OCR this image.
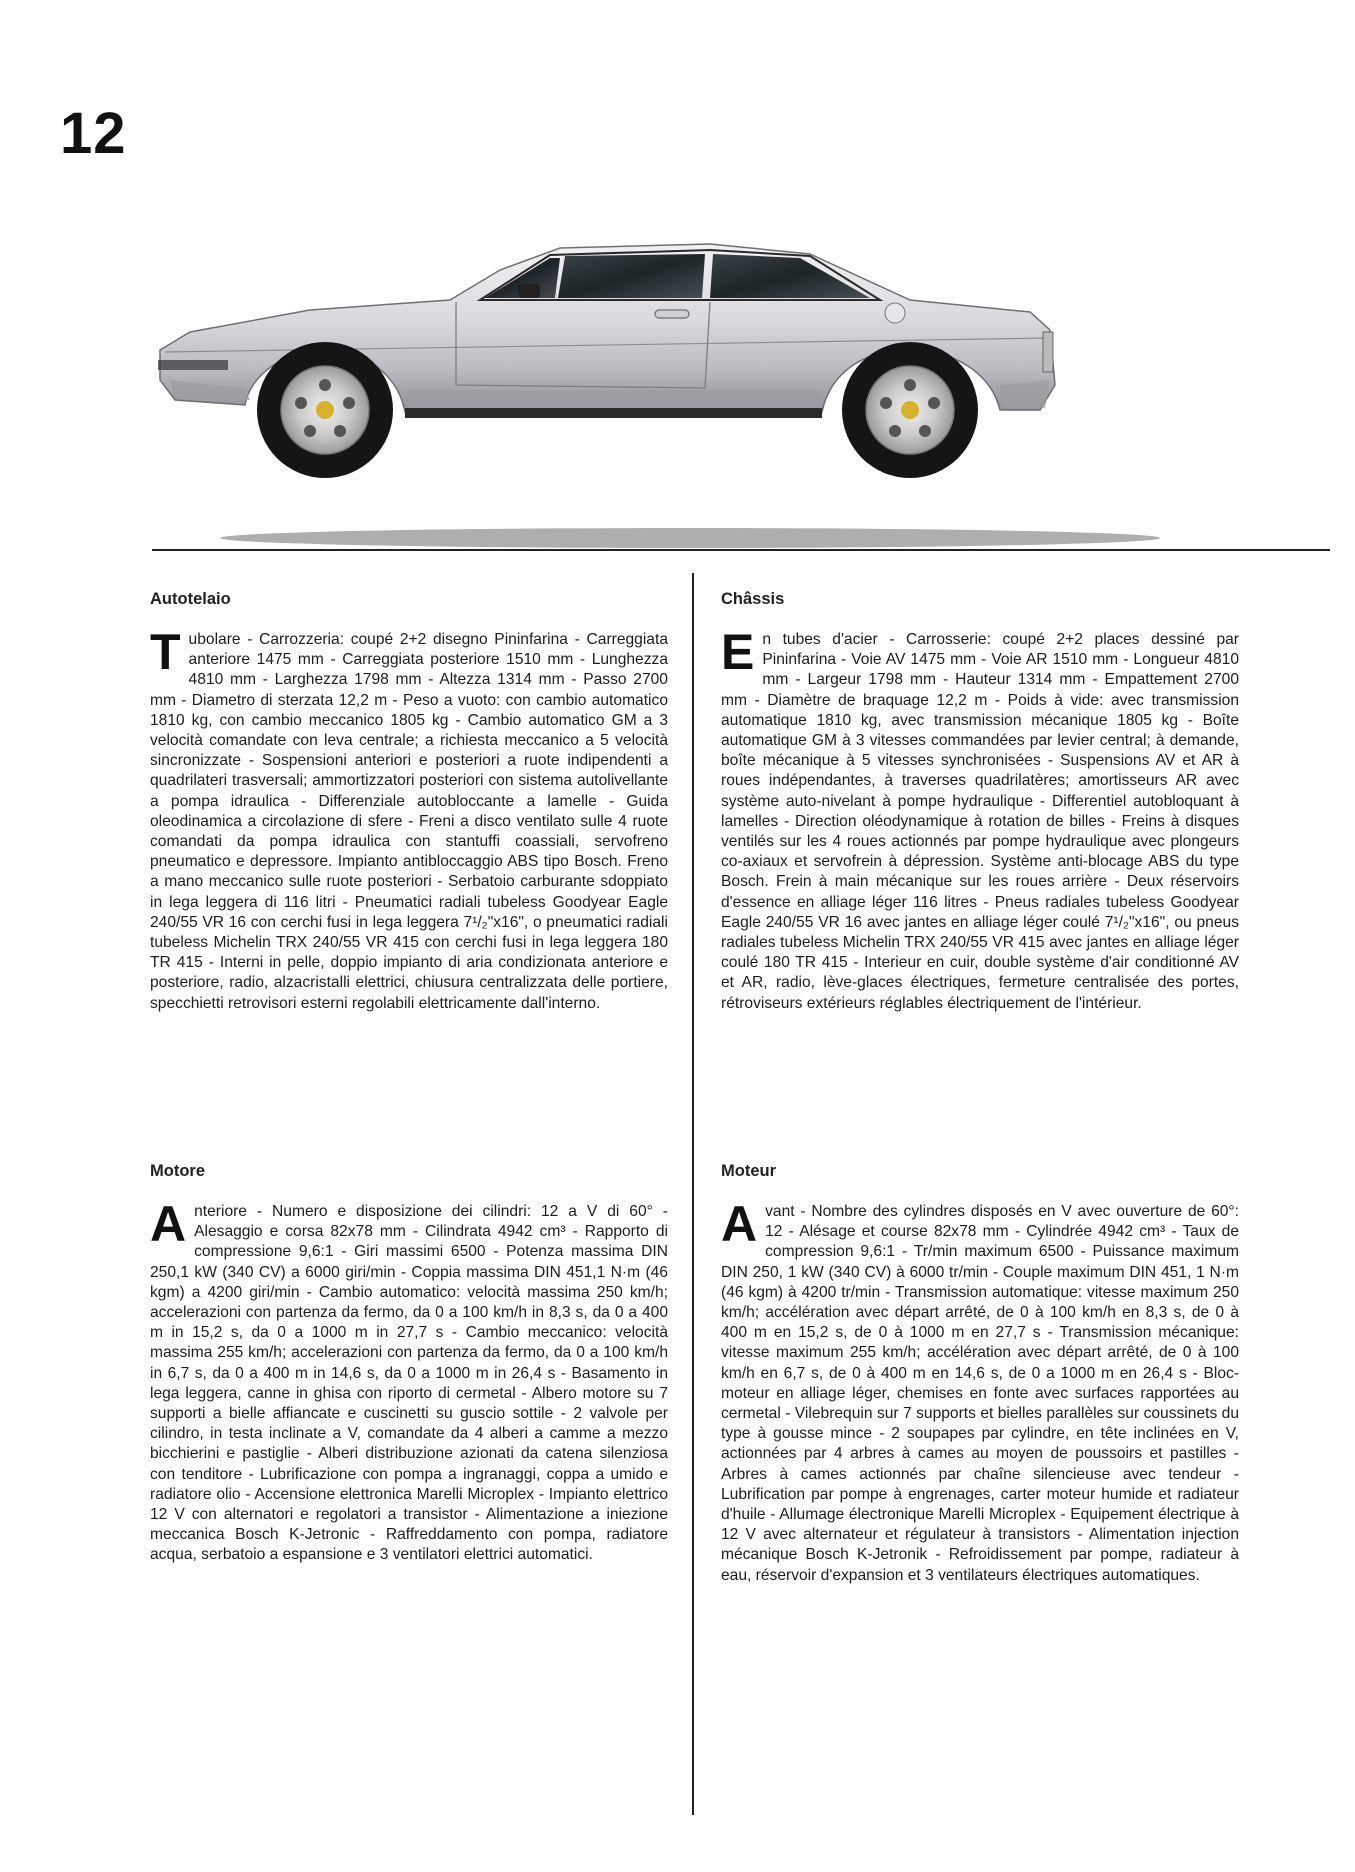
12
Autotelaio

Tubolare - Carrozzeria: coupé 2+2 disegno Pininfarina - Carreggiata anteriore 1475 mm - Carreggiata posteriore 1510 mm - Lunghezza 4810 mm - Larghezza 1798 mm - Altezza 1314 mm - Passo 2700 mm - Diametro di sterzata 12,2 m - Peso a vuoto: con cambio automatico 1810 kg, con cambio meccanico 1805 kg - Cambio automatico GM a 3 velocità comandate con leva centrale; a richiesta meccanico a 5 velocità sincronizzate - Sospensioni anteriori e posteriori a ruote indipendenti a quadrilateri trasversali; ammortizzatori posteriori con sistema autolivellante a pompa idraulica - Differenziale autobloccante a lamelle - Guida oleodinamica a circolazione di sfere - Freni a disco ventilato sulle 4 ruote comandati da pompa idraulica con stantuffi coassiali, servofreno pneumatico e depressore. Impianto antibloccaggio ABS tipo Bosch. Freno a mano meccanico sulle ruote posteriori - Serbatoio carburante sdoppiato in lega leggera di 116 litri - Pneumatici radiali tubeless Goodyear Eagle 240/55 VR 16 con cerchi fusi in lega leggera 7¹/₂"x16", o pneumatici radiali tubeless Michelin TRX 240/55 VR 415 con cerchi fusi in lega leggera 180 TR 415 - Interni in pelle, doppio impianto di aria condizionata anteriore e posteriore, radio, alzacristalli elettrici, chiusura centralizzata delle portiere, specchietti retrovisori esterni regolabili elettricamente dall'interno.

Motore

Anteriore - Numero e disposizione dei cilindri: 12 a V di 60° - Alesaggio e corsa 82x78 mm - Cilindrata 4942 cm³ - Rapporto di compressione 9,6:1 - Giri massimi 6500 - Potenza massima DIN 250,1 kW (340 CV) a 6000 giri/min - Coppia massima DIN 451,1 N·m (46 kgm) a 4200 giri/min - Cambio automatico: velocità massima 250 km/h; accelerazioni con partenza da fermo, da 0 a 100 km/h in 8,3 s, da 0 a 400 m in 15,2 s, da 0 a 1000 m in 27,7 s - Cambio meccanico: velocità massima 255 km/h; accelerazioni con partenza da fermo, da 0 a 100 km/h in 6,7 s, da 0 a 400 m in 14,6 s, da 0 a 1000 m in 26,4 s - Basamento in lega leggera, canne in ghisa con riporto di cermetal - Albero motore su 7 supporti a bielle affiancate e cuscinetti su guscio sottile - 2 valvole per cilindro, in testa inclinate a V, comandate da 4 alberi a camme a mezzo bicchierini e pastiglie - Alberi distribuzione azionati da catena silenziosa con tenditore - Lubrificazione con pompa a ingranaggi, coppa a umido e radiatore olio - Accensione elettronica Marelli Microplex - Impianto elettrico 12 V con alternatori e regolatori a transistor - Alimentazione a iniezione meccanica Bosch K-Jetronic - Raffreddamento con pompa, radiatore acqua, serbatoio a espansione e 3 ventilatori elettrici automatici.

Châssis

En tubes d'acier - Carrosserie: coupé 2+2 places dessiné par Pininfarina - Voie AV 1475 mm - Voie AR 1510 mm - Longueur 4810 mm - Largeur 1798 mm - Hauteur 1314 mm - Empattement 2700 mm - Diamètre de braquage 12,2 m - Poids à vide: avec transmission automatique 1810 kg, avec transmission mécanique 1805 kg - Boîte automatique GM à 3 vitesses commandées par levier central; à demande, boîte mécanique à 5 vitesses synchronisées - Suspensions AV et AR à roues indépendantes, à traverses quadrilatères; amortisseurs AR avec système auto-nivelant à pompe hydraulique - Differentiel autobloquant à lamelles - Direction oléodynamique à rotation de billes - Freins à disques ventilés sur les 4 roues actionnés par pompe hydraulique avec plongeurs co-axiaux et servofrein à dépression. Système anti-blocage ABS du type Bosch. Frein à main mécanique sur les roues arrière - Deux réservoirs d'essence en alliage léger 116 litres - Pneus radiales tubeless Goodyear Eagle 240/55 VR 16 avec jantes en alliage léger coulé 7¹/₂"x16", ou pneus radiales tubeless Michelin TRX 240/55 VR 415 avec jantes en alliage léger coulé 180 TR 415 - Interieur en cuir, double système d'air conditionné AV et AR, radio, lève-glaces électriques, fermeture centralisée des portes, rétroviseurs extérieurs réglables électriquement de l'intérieur.

Moteur

Avant - Nombre des cylindres disposés en V avec ouverture de 60°: 12 - Alésage et course 82x78 mm - Cylindrée 4942 cm³ - Taux de compression 9,6:1 - Tr/min maximum 6500 - Puissance maximum DIN 250, 1 kW (340 CV) à 6000 tr/min - Couple maximum DIN 451, 1 N·m (46 kgm) à 4200 tr/min - Transmission automatique: vitesse maximum 250 km/h; accélération avec départ arrêté, de 0 à 100 km/h en 8,3 s, de 0 à 400 m en 15,2 s, de 0 à 1000 m en 27,7 s - Transmission mécanique: vitesse maximum 255 km/h; accélération avec départ arrêté, de 0 à 100 km/h en 6,7 s, de 0 à 400 m en 14,6 s, de 0 a 1000 m en 26,4 s - Bloc-moteur en alliage léger, chemises en fonte avec surfaces rapportées au cermetal - Vilebrequin sur 7 supports et bielles parallèles sur coussinets du type à gousse mince - 2 soupapes par cylindre, en tête inclinées en V, actionnées par 4 arbres à cames au moyen de poussoirs et pastilles - Arbres à cames actionnés par chaîne silencieuse avec tendeur - Lubrification par pompe à engrenages, carter moteur humide et radiateur d'huile - Allumage électronique Marelli Microplex - Equipement électrique à 12 V avec alternateur et régulateur à transistors - Alimentation injection mécanique Bosch K-Jetronik - Refroidissement par pompe, radiateur à eau, réservoir d'expansion et 3 ventilateurs électriques automatiques.
